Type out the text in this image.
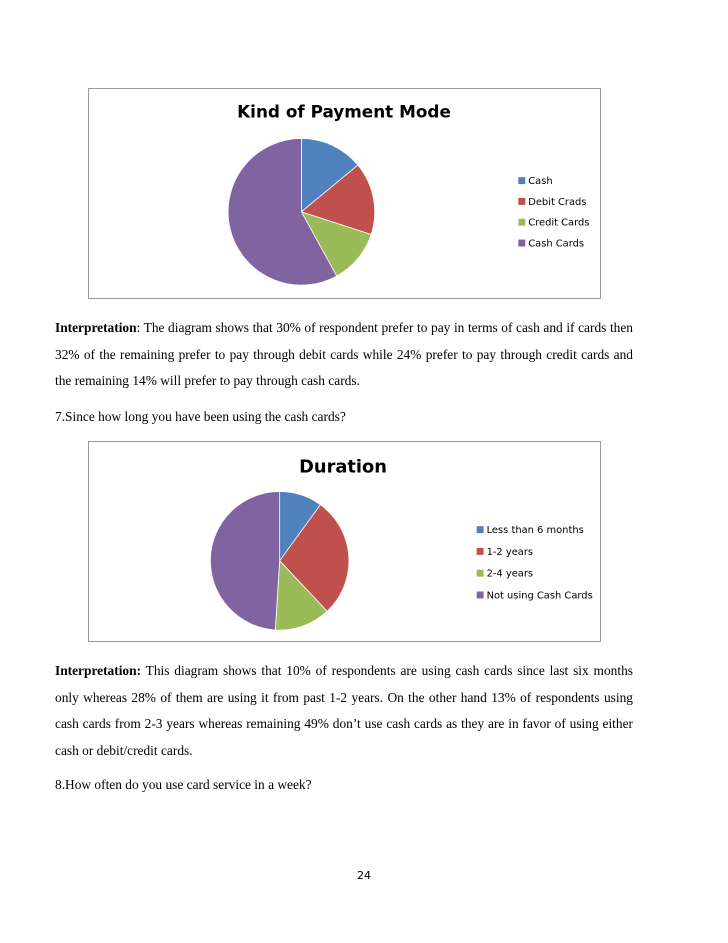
Kind of Payment Mode
Cash
Debit Crads
Credit Cards
Cash Cards
Interpretation: The diagram shows that 30% of respondent prefer to pay in terms of cash and if cards then 32% of the remaining prefer to pay through debit cards while 24% prefer to pay through credit cards and the remaining 14% will prefer to pay through cash cards.
7.Since how long you have been using the cash cards?
Duration
Less than 6 months
1-2 years
2-4 years
Not using Cash Cards
Interpretation: This diagram shows that 10% of respondents are using cash cards since last six months only whereas 28% of them are using it from past 1-2 years. On the other hand 13% of respondents using cash cards from 2-3 years whereas remaining 49% don’t use cash cards as they are in favor of using either cash or debit/credit cards.
8.How often do you use card service in a week?
24
